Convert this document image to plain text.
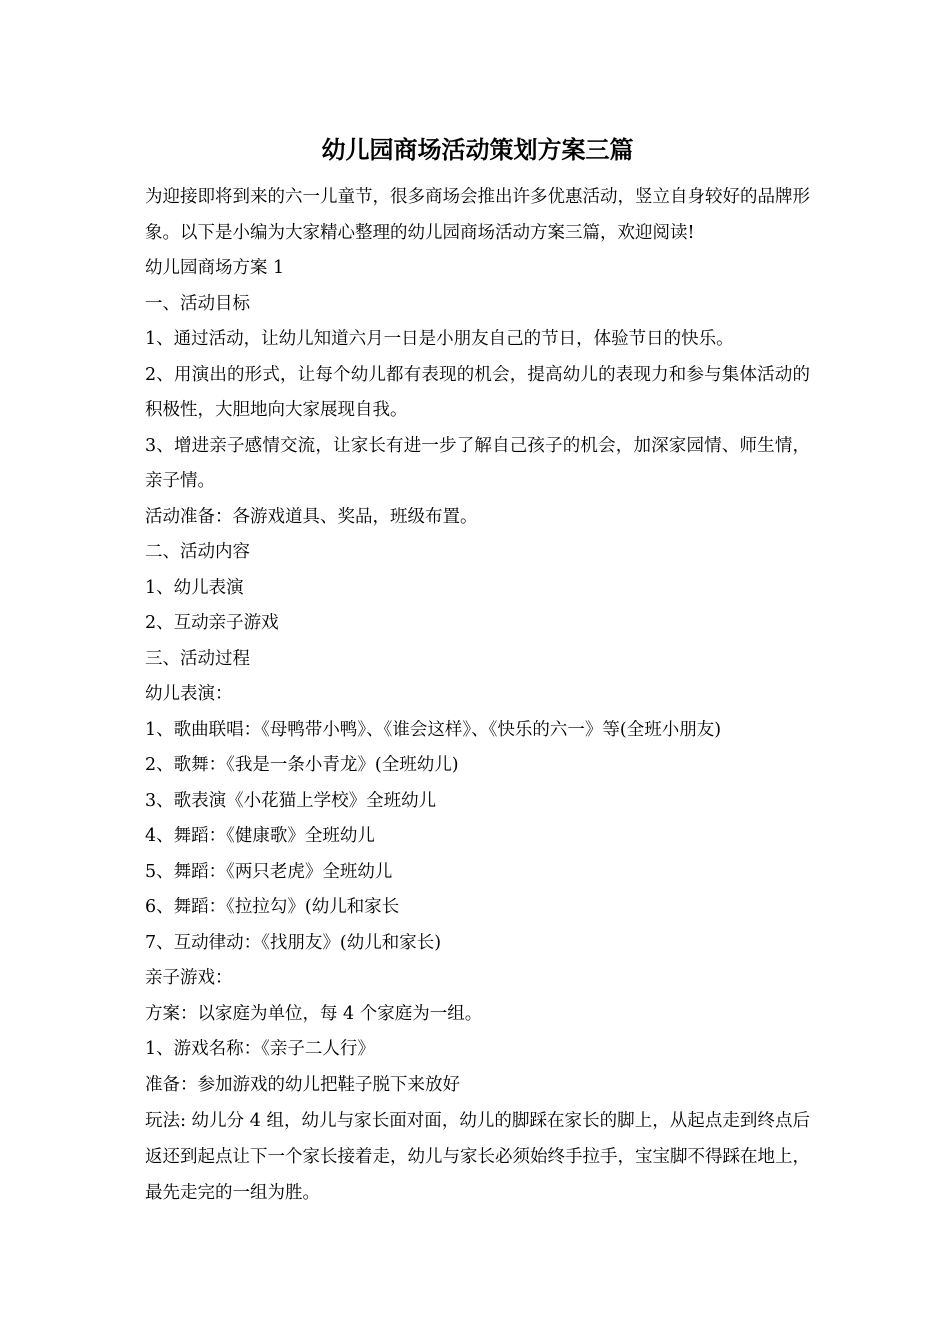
幼儿园商场活动策划方案三篇

为迎接即将到来的六一儿童节，很多商场会推出许多优惠活动，竖立自身较好的品牌形象。以下是小编为大家精心整理的幼儿园商场活动方案三篇，欢迎阅读!

幼儿园商场方案 1

一、活动目标

1、通过活动，让幼儿知道六月一日是小朋友自己的节日，体验节日的快乐。

2、用演出的形式，让每个幼儿都有表现的机会，提高幼儿的表现力和参与集体活动的积极性，大胆地向大家展现自我。

3、增进亲子感情交流，让家长有进一步了解自己孩子的机会，加深家园情、师生情，亲子情。

活动准备：各游戏道具、奖品，班级布置。

二、活动内容

1、幼儿表演

2、互动亲子游戏

三、活动过程

幼儿表演：

1、歌曲联唱：《母鸭带小鸭》、《谁会这样》、《快乐的六一》等(全班小朋友)

2、歌舞：《我是一条小青龙》(全班幼儿)

3、歌表演《小花猫上学校》全班幼儿

4、舞蹈：《健康歌》全班幼儿

5、舞蹈：《两只老虎》全班幼儿

6、舞蹈：《拉拉勾》(幼儿和家长

7、互动律动：《找朋友》(幼儿和家长)

亲子游戏：

方案：以家庭为单位，每 4 个家庭为一组。

1、游戏名称：《亲子二人行》

准备：参加游戏的幼儿把鞋子脱下来放好

玩法: 幼儿分 4 组，幼儿与家长面对面，幼儿的脚踩在家长的脚上，从起点走到终点后返还到起点让下一个家长接着走，幼儿与家长必须始终手拉手，宝宝脚不得踩在地上，最先走完的一组为胜。
